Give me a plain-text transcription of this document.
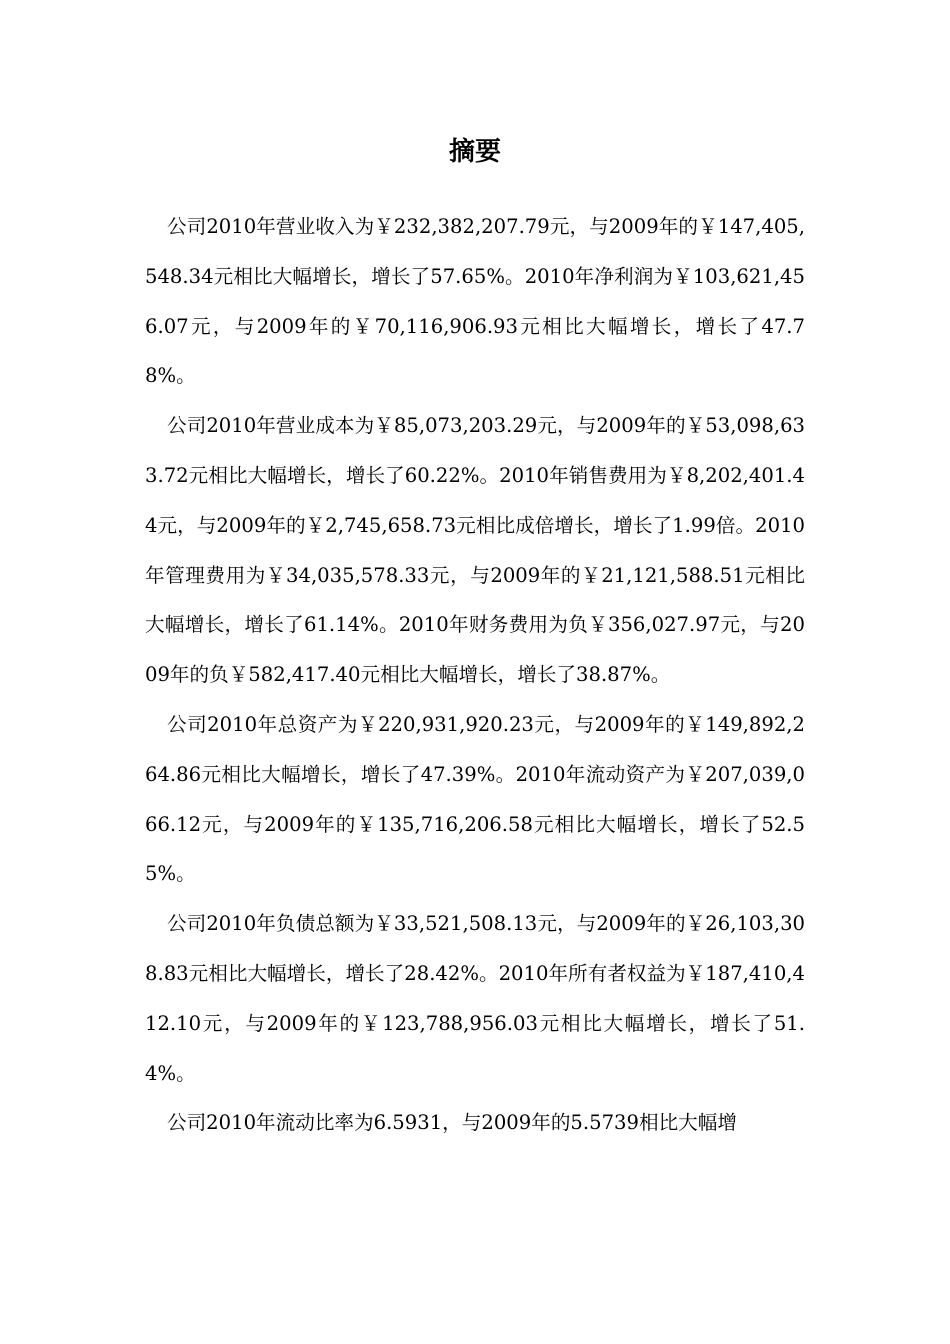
摘要

公司2010年营业收入为￥232,382,207.79元，与2009年的￥147,405,548.34元相比大幅增长，增长了57.65%。2010年净利润为￥103,621,456.07元，与2009年的￥70,116,906.93元相比大幅增长，增长了47.78%。

公司2010年营业成本为￥85,073,203.29元，与2009年的￥53,098,633.72元相比大幅增长，增长了60.22%。2010年销售费用为￥8,202,401.44元，与2009年的￥2,745,658.73元相比成倍增长，增长了1.99倍。2010年管理费用为￥34,035,578.33元，与2009年的￥21,121,588.51元相比大幅增长，增长了61.14%。2010年财务费用为负￥356,027.97元，与2009年的负￥582,417.40元相比大幅增长，增长了38.87%。

公司2010年总资产为￥220,931,920.23元，与2009年的￥149,892,264.86元相比大幅增长，增长了47.39%。2010年流动资产为￥207,039,066.12元，与2009年的￥135,716,206.58元相比大幅增长，增长了52.55%。

公司2010年负债总额为￥33,521,508.13元，与2009年的￥26,103,308.83元相比大幅增长，增长了28.42%。2010年所有者权益为￥187,410,412.10元，与2009年的￥123,788,956.03元相比大幅增长，增长了51.4%。

公司2010年流动比率为6.5931，与2009年的5.5739相比大幅增
